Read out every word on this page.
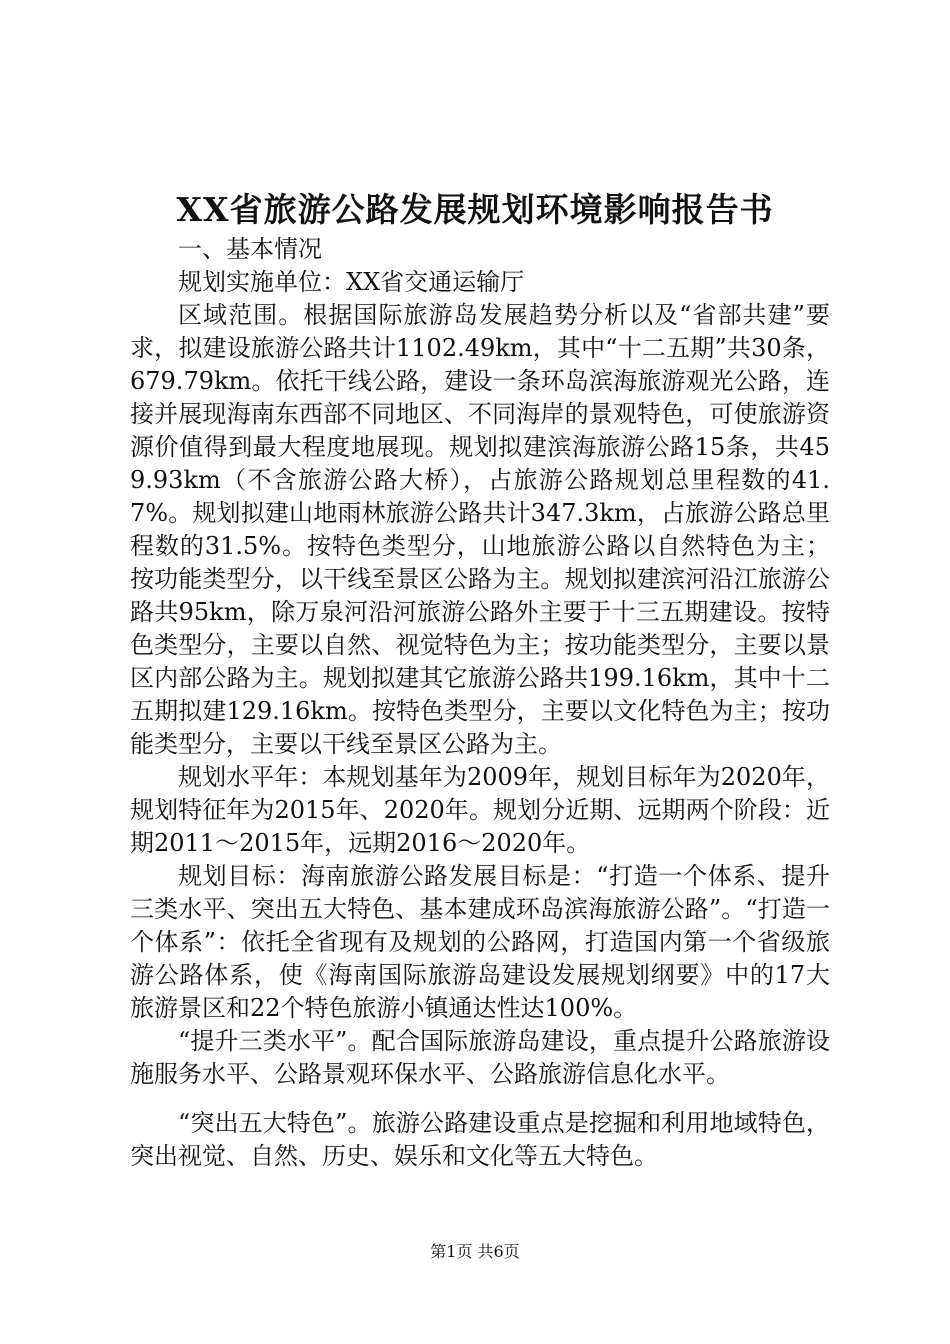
XX省旅游公路发展规划环境影响报告书

一、基本情况

规划实施单位：XX省交通运输厅

区域范围。根据国际旅游岛发展趋势分析以及“省部共建”要求，拟建设旅游公路共计1102.49km，其中“十二五期”共30条，679.79km。依托干线公路，建设一条环岛滨海旅游观光公路，连接并展现海南东西部不同地区、不同海岸的景观特色，可使旅游资源价值得到最大程度地展现。规划拟建滨海旅游公路15条，共459.93km（不含旅游公路大桥），占旅游公路规划总里程数的41.7%。规划拟建山地雨林旅游公路共计347.3km，占旅游公路总里程数的31.5%。按特色类型分，山地旅游公路以自然特色为主；按功能类型分，以干线至景区公路为主。规划拟建滨河沿江旅游公路共95km，除万泉河沿河旅游公路外主要于十三五期建设。按特色类型分，主要以自然、视觉特色为主；按功能类型分，主要以景区内部公路为主。规划拟建其它旅游公路共199.16km，其中十二五期拟建129.16km。按特色类型分，主要以文化特色为主；按功能类型分，主要以干线至景区公路为主。

规划水平年：本规划基年为2009年，规划目标年为2020年，规划特征年为2015年、2020年。规划分近期、远期两个阶段：近期2011～2015年，远期2016～2020年。

规划目标：海南旅游公路发展目标是：“打造一个体系、提升三类水平、突出五大特色、基本建成环岛滨海旅游公路”。“打造一个体系”：依托全省现有及规划的公路网，打造国内第一个省级旅游公路体系，使《海南国际旅游岛建设发展规划纲要》中的17大旅游景区和22个特色旅游小镇通达性达100%。

“提升三类水平”。配合国际旅游岛建设，重点提升公路旅游设施服务水平、公路景观环保水平、公路旅游信息化水平。

“突出五大特色”。旅游公路建设重点是挖掘和利用地域特色，突出视觉、自然、历史、娱乐和文化等五大特色。

第1页 共6页
